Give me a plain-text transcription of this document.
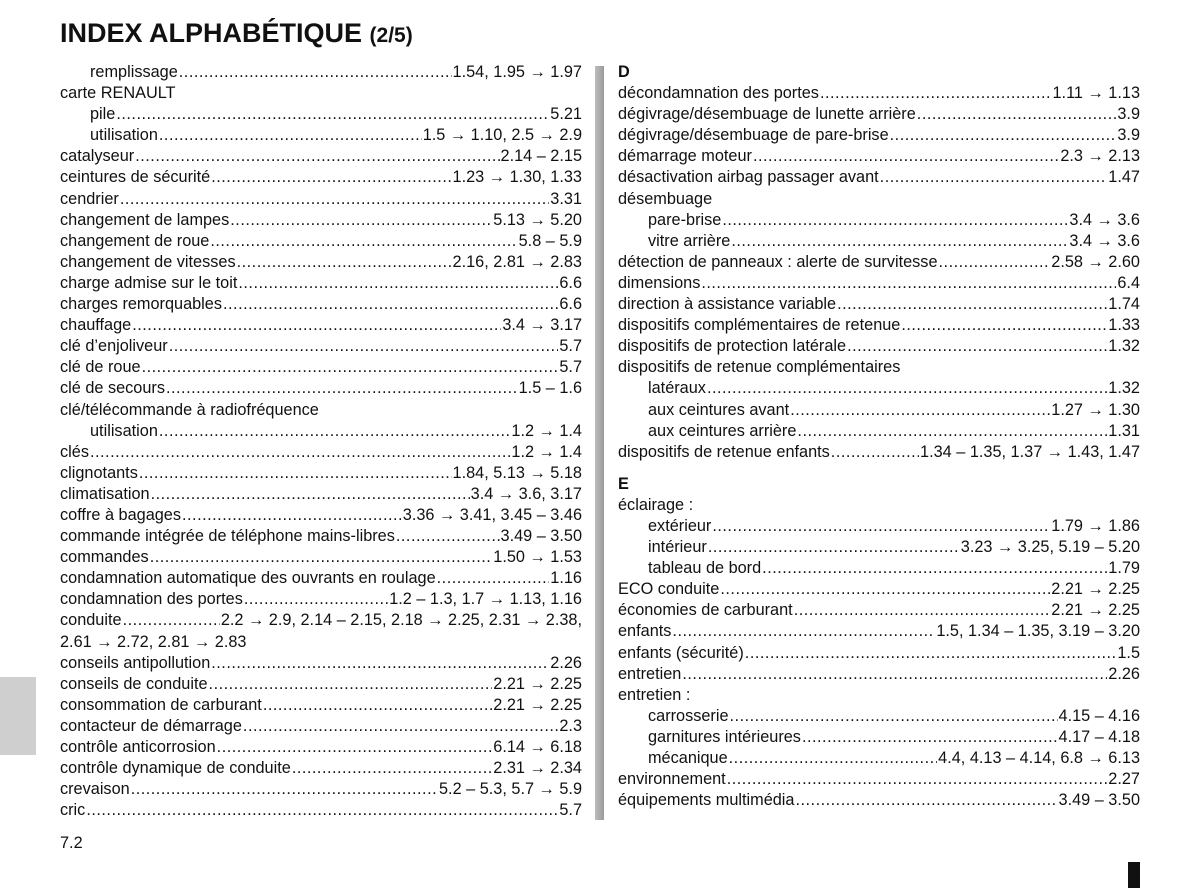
INDEX ALPHABÉTIQUE (2/5)
remplissage .....	1.54, 1.95 → 1.97
carte RENAULT
pile .....	5.21
utilisation .....	1.5 → 1.10, 2.5 → 2.9
catalyseur .....	2.14 – 2.15
ceintures de sécurité .....	1.23 → 1.30, 1.33
cendrier .....	3.31
changement de lampes .....	5.13 → 5.20
changement de roue .....	5.8 – 5.9
changement de vitesses .....	2.16, 2.81 → 2.83
charge admise sur le toit .....	6.6
charges remorquables .....	6.6
chauffage .....	3.4 → 3.17
clé d’enjoliveur .....	5.7
clé de roue .....	5.7
clé de secours .....	1.5 – 1.6
clé/télécommande à radiofréquence
utilisation .....	1.2 → 1.4
clés .....	1.2 → 1.4
clignotants .....	1.84, 5.13 → 5.18
climatisation .....	3.4 → 3.6, 3.17
coffre à bagages .....	3.36 → 3.41, 3.45 – 3.46
commande intégrée de téléphone mains-libres .....	3.49 – 3.50
commandes .....	1.50 → 1.53
condamnation automatique des ouvrants en roulage .....	1.16
condamnation des portes .....	1.2 – 1.3, 1.7 → 1.13, 1.16
conduite .....	2.2 → 2.9, 2.14 – 2.15, 2.18 → 2.25, 2.31 → 2.38,
2.61 → 2.72, 2.81 → 2.83
conseils antipollution .....	2.26
conseils de conduite .....	2.21 → 2.25
consommation de carburant .....	2.21 → 2.25
contacteur de démarrage .....	2.3
contrôle anticorrosion .....	6.14 → 6.18
contrôle dynamique de conduite .....	2.31 → 2.34
crevaison .....	5.2 – 5.3, 5.7 → 5.9
cric .....	5.7
D
décondamnation des portes .....	1.11 → 1.13
dégivrage/désembuage de lunette arrière .....	3.9
dégivrage/désembuage de pare-brise .....	3.9
démarrage moteur .....	2.3 → 2.13
désactivation airbag passager avant .....	1.47
désembuage
pare-brise .....	3.4 → 3.6
vitre arrière .....	3.4 → 3.6
détection de panneaux : alerte de survitesse .....	2.58 → 2.60
dimensions .....	6.4
direction à assistance variable .....	1.74
dispositifs complémentaires de retenue .....	1.33
dispositifs de protection latérale .....	1.32
dispositifs de retenue complémentaires
latéraux .....	1.32
aux ceintures avant .....	1.27 → 1.30
aux ceintures arrière .....	1.31
dispositifs de retenue enfants .....	1.34 – 1.35, 1.37 → 1.43, 1.47
E
éclairage :
extérieur .....	1.79 → 1.86
intérieur .....	3.23 → 3.25, 5.19 – 5.20
tableau de bord .....	1.79
ECO conduite .....	2.21 → 2.25
économies de carburant .....	2.21 → 2.25
enfants .....	1.5, 1.34 – 1.35, 3.19 – 3.20
enfants (sécurité) .....	1.5
entretien .....	2.26
entretien :
carrosserie .....	4.15 – 4.16
garnitures intérieures .....	4.17 – 4.18
mécanique .....	4.4, 4.13 – 4.14, 6.8 → 6.13
environnement .....	2.27
équipements multimédia .....	3.49 – 3.50
7.2
